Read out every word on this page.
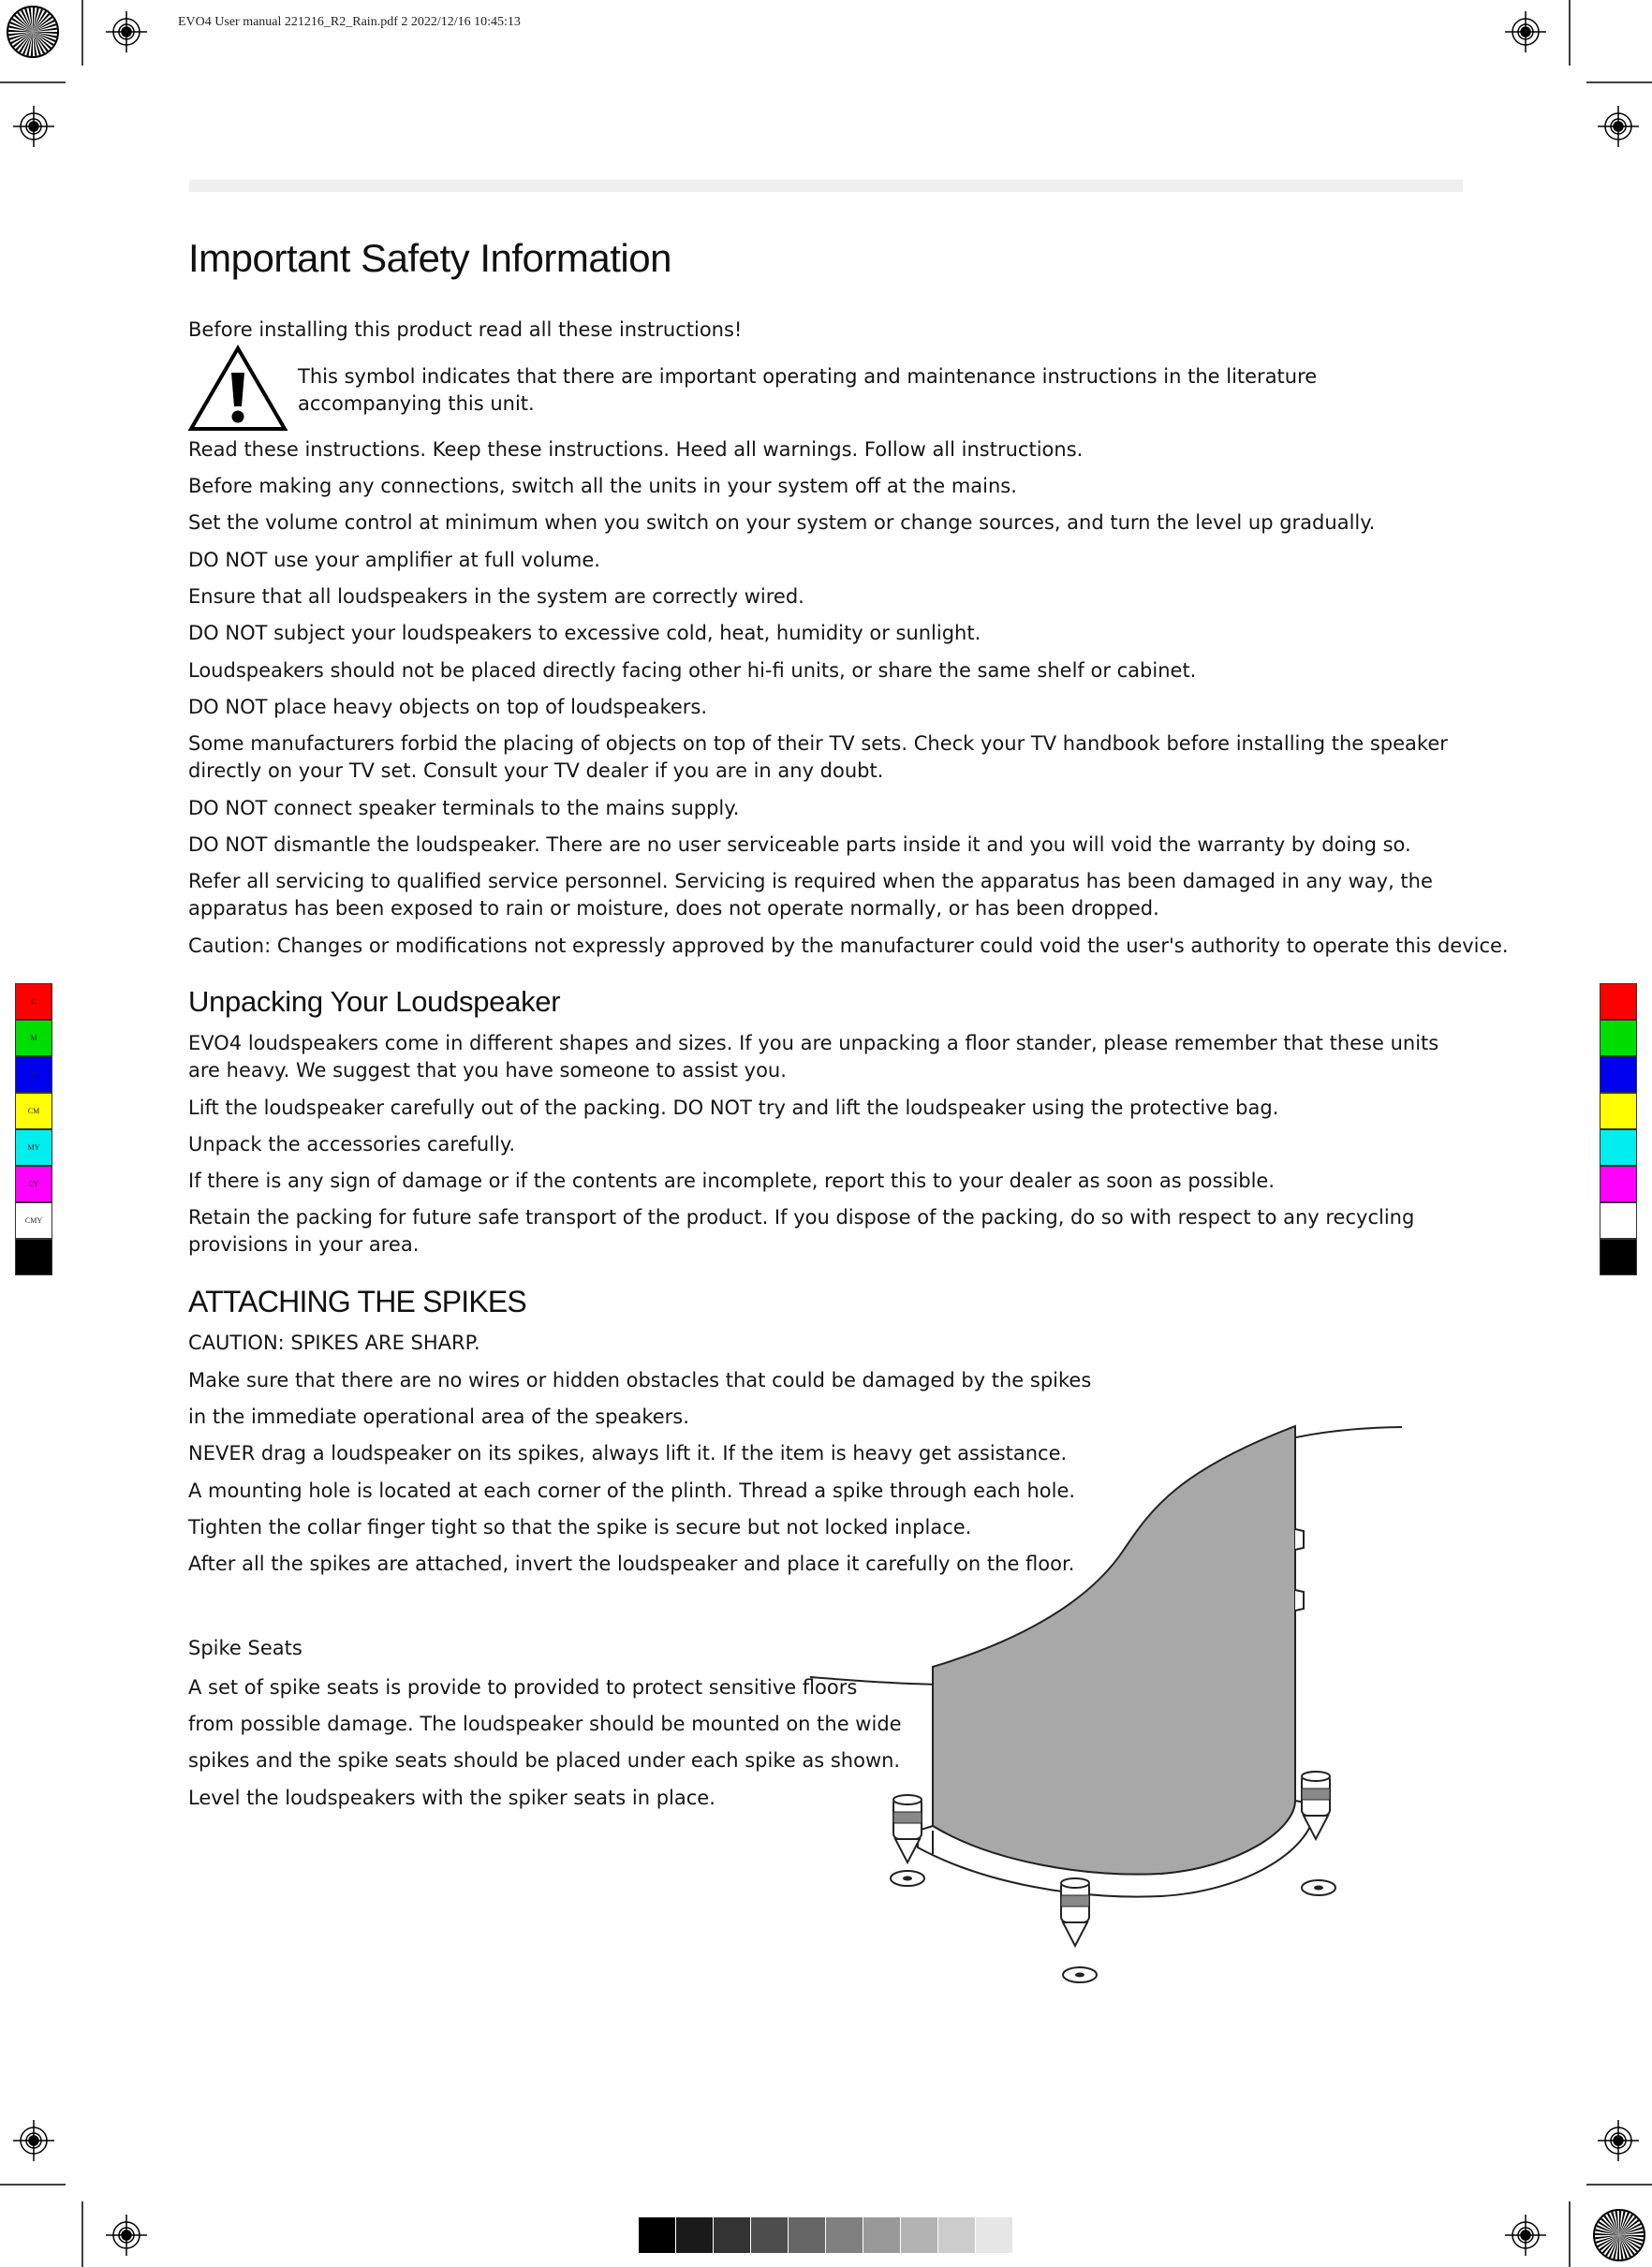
C
M
Y
CM
MY
CY
CMY
K
EVO4 User manual 221216_R2_Rain.pdf 2 2022/12/16 10:45:13
Important Safety Information
Before installing this product read all these instructions!
This symbol indicates that there are important operating and maintenance instructions in the literature accompanying this unit.
Read these instructions. Keep these instructions. Heed all warnings. Follow all instructions.
Before making any connections, switch all the units in your system off at the mains.
Set the volume control at minimum when you switch on your system or change sources, and turn the level up gradually.
DO NOT use your amplifier at full volume.
Ensure that all loudspeakers in the system are correctly wired.
DO NOT subject your loudspeakers to excessive cold, heat, humidity or sunlight.
Loudspeakers should not be placed directly facing other hi-fi units, or share the same shelf or cabinet.
DO NOT place heavy objects on top of loudspeakers.
Some manufacturers forbid the placing of objects on top of their TV sets. Check your TV handbook before installing the speaker directly on your TV set. Consult your TV dealer if you are in any doubt.
DO NOT connect speaker terminals to the mains supply.
DO NOT dismantle the loudspeaker. There are no user serviceable parts inside it and you will void the warranty by doing so.
Refer all servicing to qualified service personnel. Servicing is required when the apparatus has been damaged in any way, the apparatus has been exposed to rain or moisture, does not operate normally, or has been dropped.
Caution: Changes or modifications not expressly approved by the manufacturer could void the user's authority to operate this device.
Unpacking Your Loudspeaker
EVO4 loudspeakers come in different shapes and sizes. If you are unpacking a floor stander, please remember that these units are heavy. We suggest that you have someone to assist you.
Lift the loudspeaker carefully out of the packing. DO NOT try and lift the loudspeaker using the protective bag.
Unpack the accessories carefully.
If there is any sign of damage or if the contents are incomplete, report this to your dealer as soon as possible.
Retain the packing for future safe transport of the product. If you dispose of the packing, do so with respect to any recycling provisions in your area.
ATTACHING THE SPIKES
CAUTION: SPIKES ARE SHARP.
Make sure that there are no wires or hidden obstacles that could be damaged by the spikes
in the immediate operational area of the speakers.
NEVER drag a loudspeaker on its spikes, always lift it. If the item is heavy get assistance.
A mounting hole is located at each corner of the plinth. Thread a spike through each hole.
Tighten the collar finger tight so that the spike is secure but not locked inplace.
After all the spikes are attached, invert the loudspeaker and place it carefully on the floor.
Spike Seats
A set of spike seats is provide to provided to protect sensitive floors
from possible damage. The loudspeaker should be mounted on the wide
spikes and the spike seats should be placed under each spike as shown.
Level the loudspeakers with the spiker seats in place.
